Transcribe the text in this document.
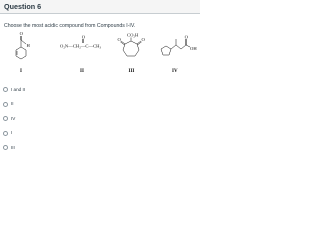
Question 6
Choose the most acidic compound from Compounds I-IV.
O
H	O₂N—CH₂—C—CH₃
O	CO₂H
O	O
O
OH
I	II	III	IV
I and II
II
IV
I
III
